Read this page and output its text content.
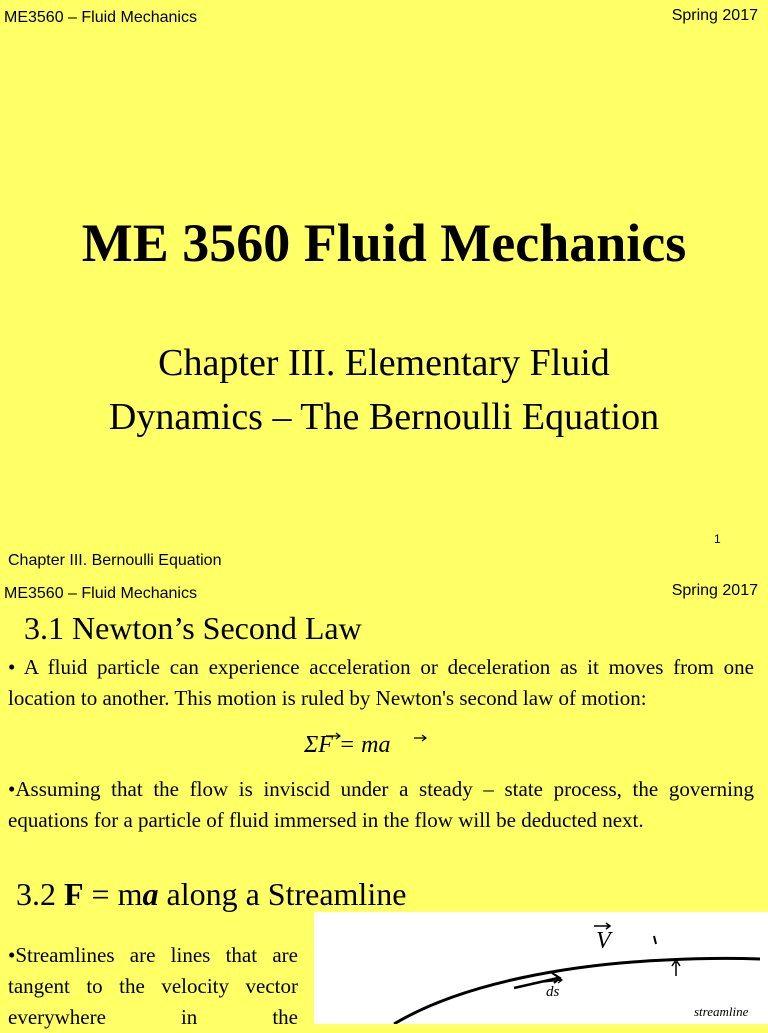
ME3560 – Fluid Mechanics	Spring 2017
ME 3560 Fluid Mechanics
Chapter III. Elementary Fluid
Dynamics – The Bernoulli Equation
1
Chapter III. Bernoulli Equation
ME3560 – Fluid Mechanics	Spring 2017
3.1 Newton’s Second Law
• A fluid particle can experience acceleration or deceleration as it moves from one location to another. This motion is ruled by Newton's second law of motion:
ΣF = ma
•Assuming that the flow is inviscid under a steady – state process, the governing equations for a particle of fluid immersed in the flow will be deducted next.
3.2 F = ma along a Streamline
•Streamlines are lines that are tangent to the velocity vector everywhere in the
V
ds
streamline
